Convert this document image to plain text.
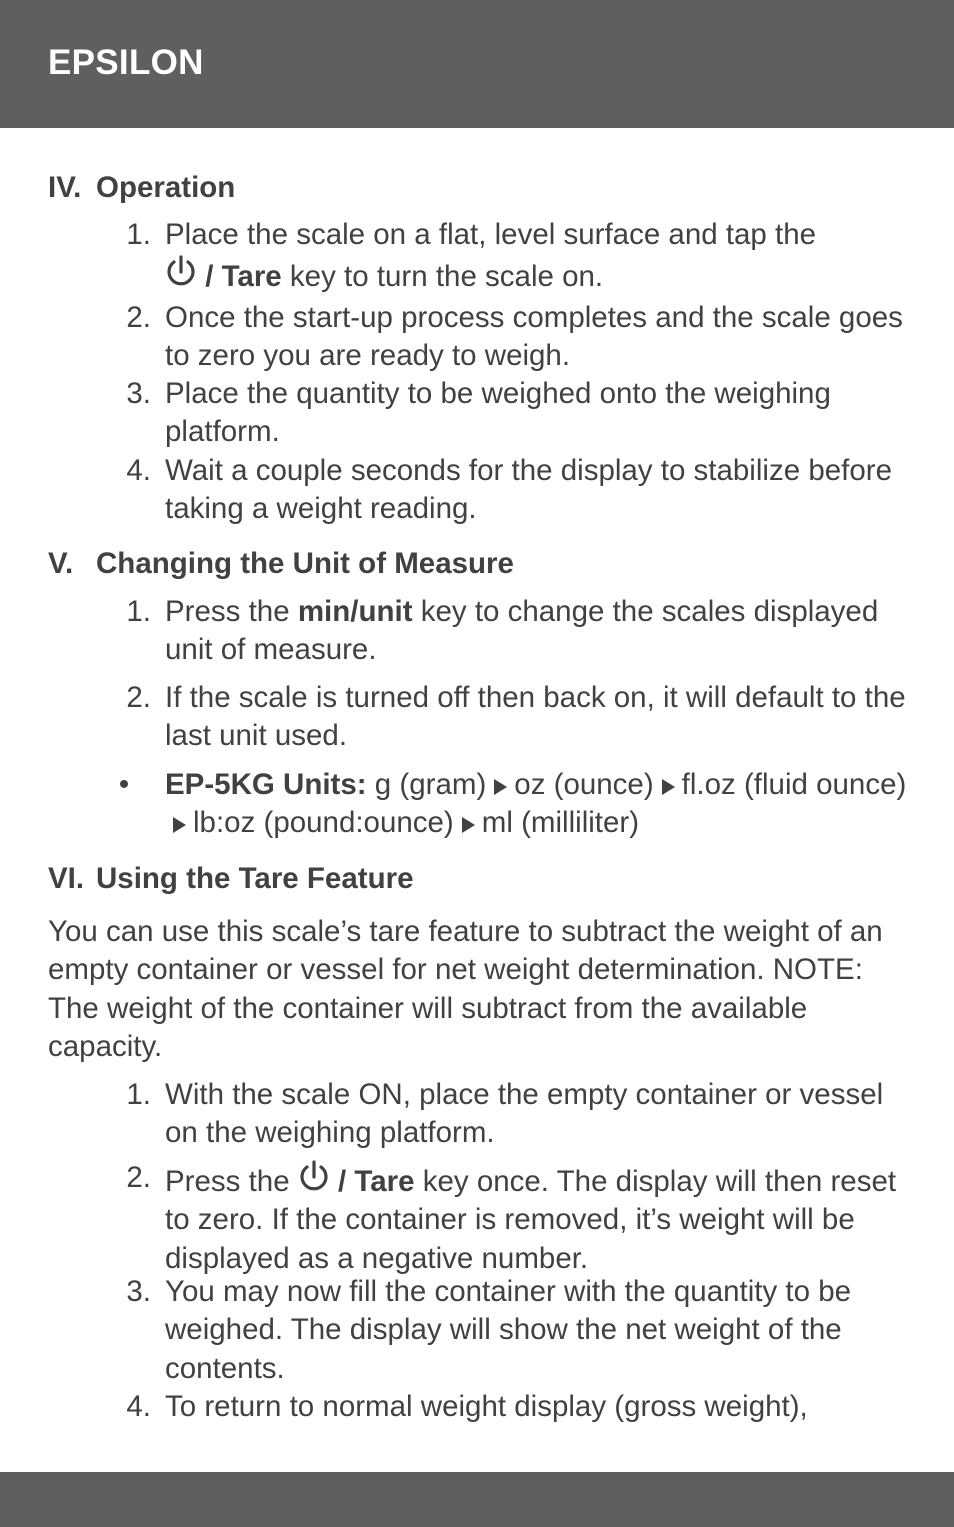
EPSILON
IV. Operation
1. Place the scale on a flat, level surface and tap the
/ Tare key to turn the scale on.
2. Once the start-up process completes and the scale goes to zero you are ready to weigh.
3. Place the quantity to be weighed onto the weighing platform.
4. Wait a couple seconds for the display to stabilize before taking a weight reading.
V. Changing the Unit of Measure
1. Press the min/unit key to change the scales displayed unit of measure.
2. If the scale is turned off then back on, it will default to the last unit used.
• EP-5KG Units: g (gram) oz (ounce) fl.oz (fluid ounce)lb:oz (pound:ounce) ml (milliliter)
VI. Using the Tare Feature
You can use this scale’s tare feature to subtract the weight of an empty container or vessel for net weight determination. NOTE: The weight of the container will subtract from the available capacity.
1. With the scale ON, place the empty container or vessel on the weighing platform.
2. Press the  / Tare key once. The display will then reset to zero. If the container is removed, it’s weight will be displayed as a negative number.
3. You may now fill the container with the quantity to be weighed. The display will show the net weight of the contents.
4. To return to normal weight display (gross weight),
